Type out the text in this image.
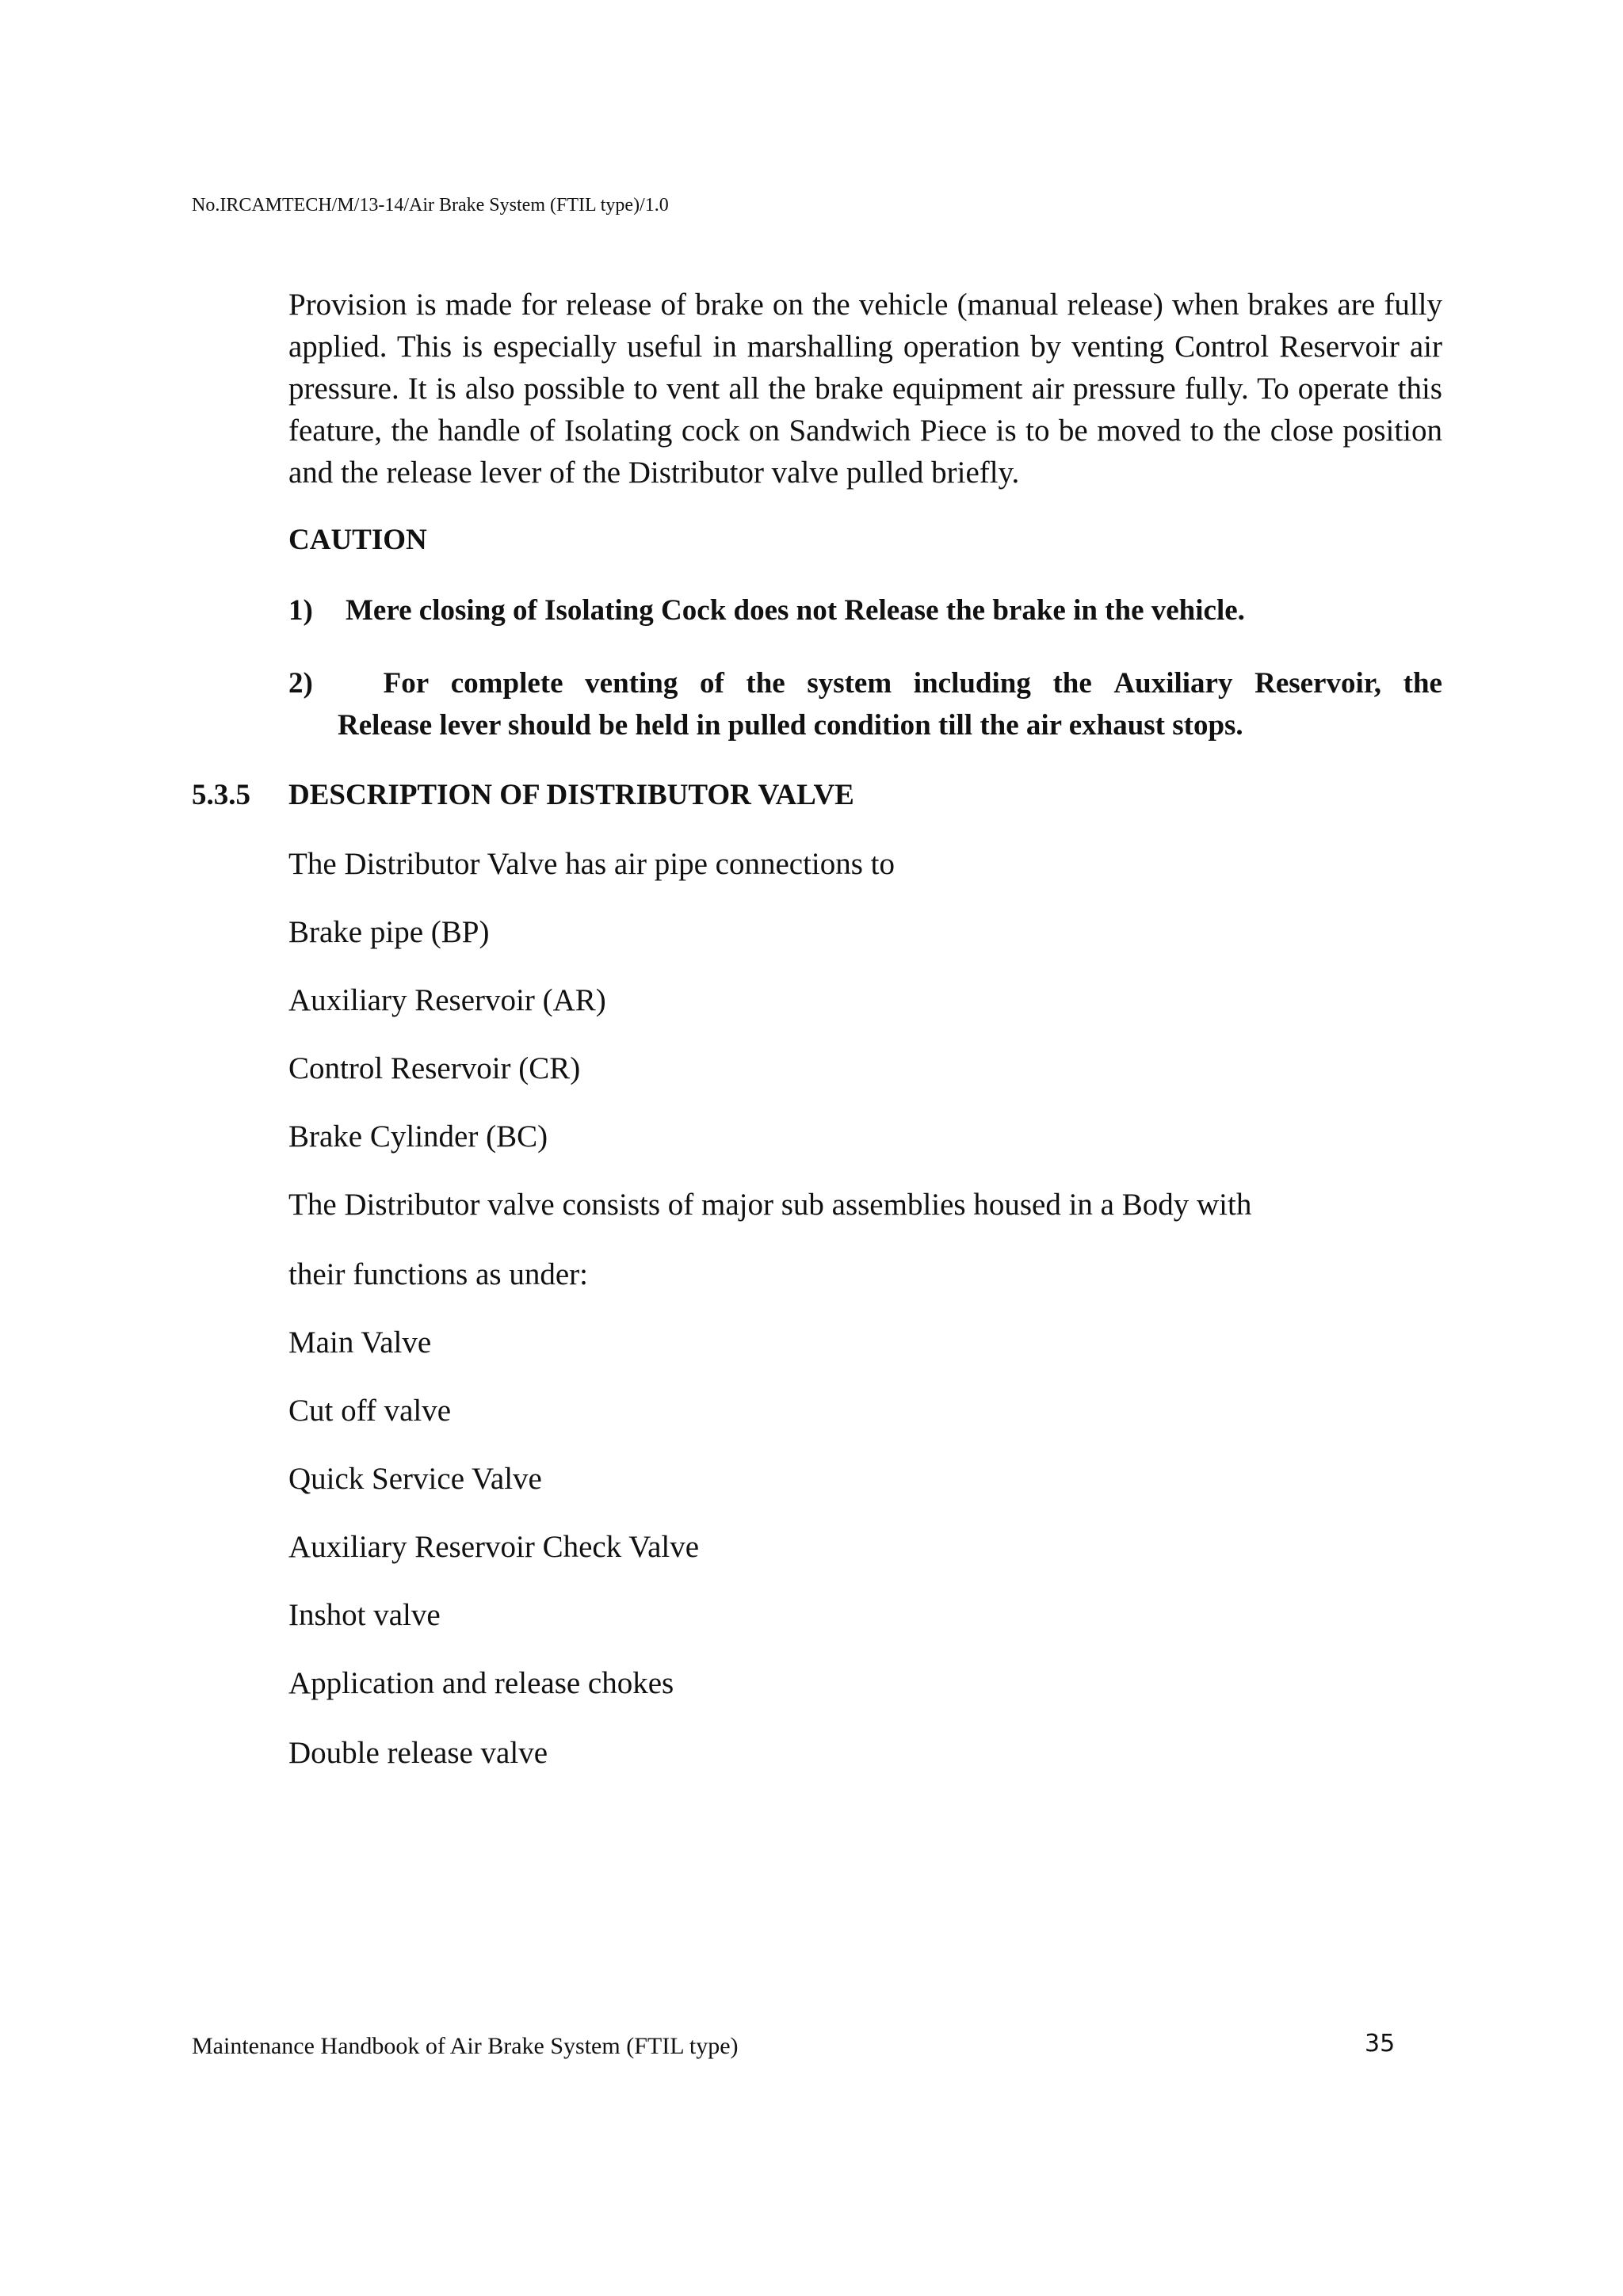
No.IRCAMTECH/M/13-14/Air Brake System (FTIL type)/1.0

Provision is made for release of brake on the vehicle (manual release) when brakes are fully applied. This is especially useful in marshalling operation by venting Control Reservoir air pressure. It is also possible to vent all the brake equipment air pressure fully. To operate this feature, the handle of Isolating cock on Sandwich Piece is to be moved to the close position and the release lever of the Distributor valve pulled briefly.

CAUTION
1) Mere closing of Isolating Cock does not Release the brake in the vehicle.
2)	For complete venting of the system including the Auxiliary Reservoir, the
Release lever should be held in pulled condition till the air exhaust stops.
5.3.5 DESCRIPTION OF DISTRIBUTOR VALVE
The Distributor Valve has air pipe connections to
Brake pipe (BP)
Auxiliary Reservoir (AR)
Control Reservoir (CR)
Brake Cylinder (BC)
The Distributor valve consists of major sub assemblies housed in a Body with
their functions as under:
Main Valve
Cut off valve
Quick Service Valve
Auxiliary Reservoir Check Valve
Inshot valve
Application and release chokes
Double release valve
Maintenance Handbook of Air Brake System (FTIL type)	35
